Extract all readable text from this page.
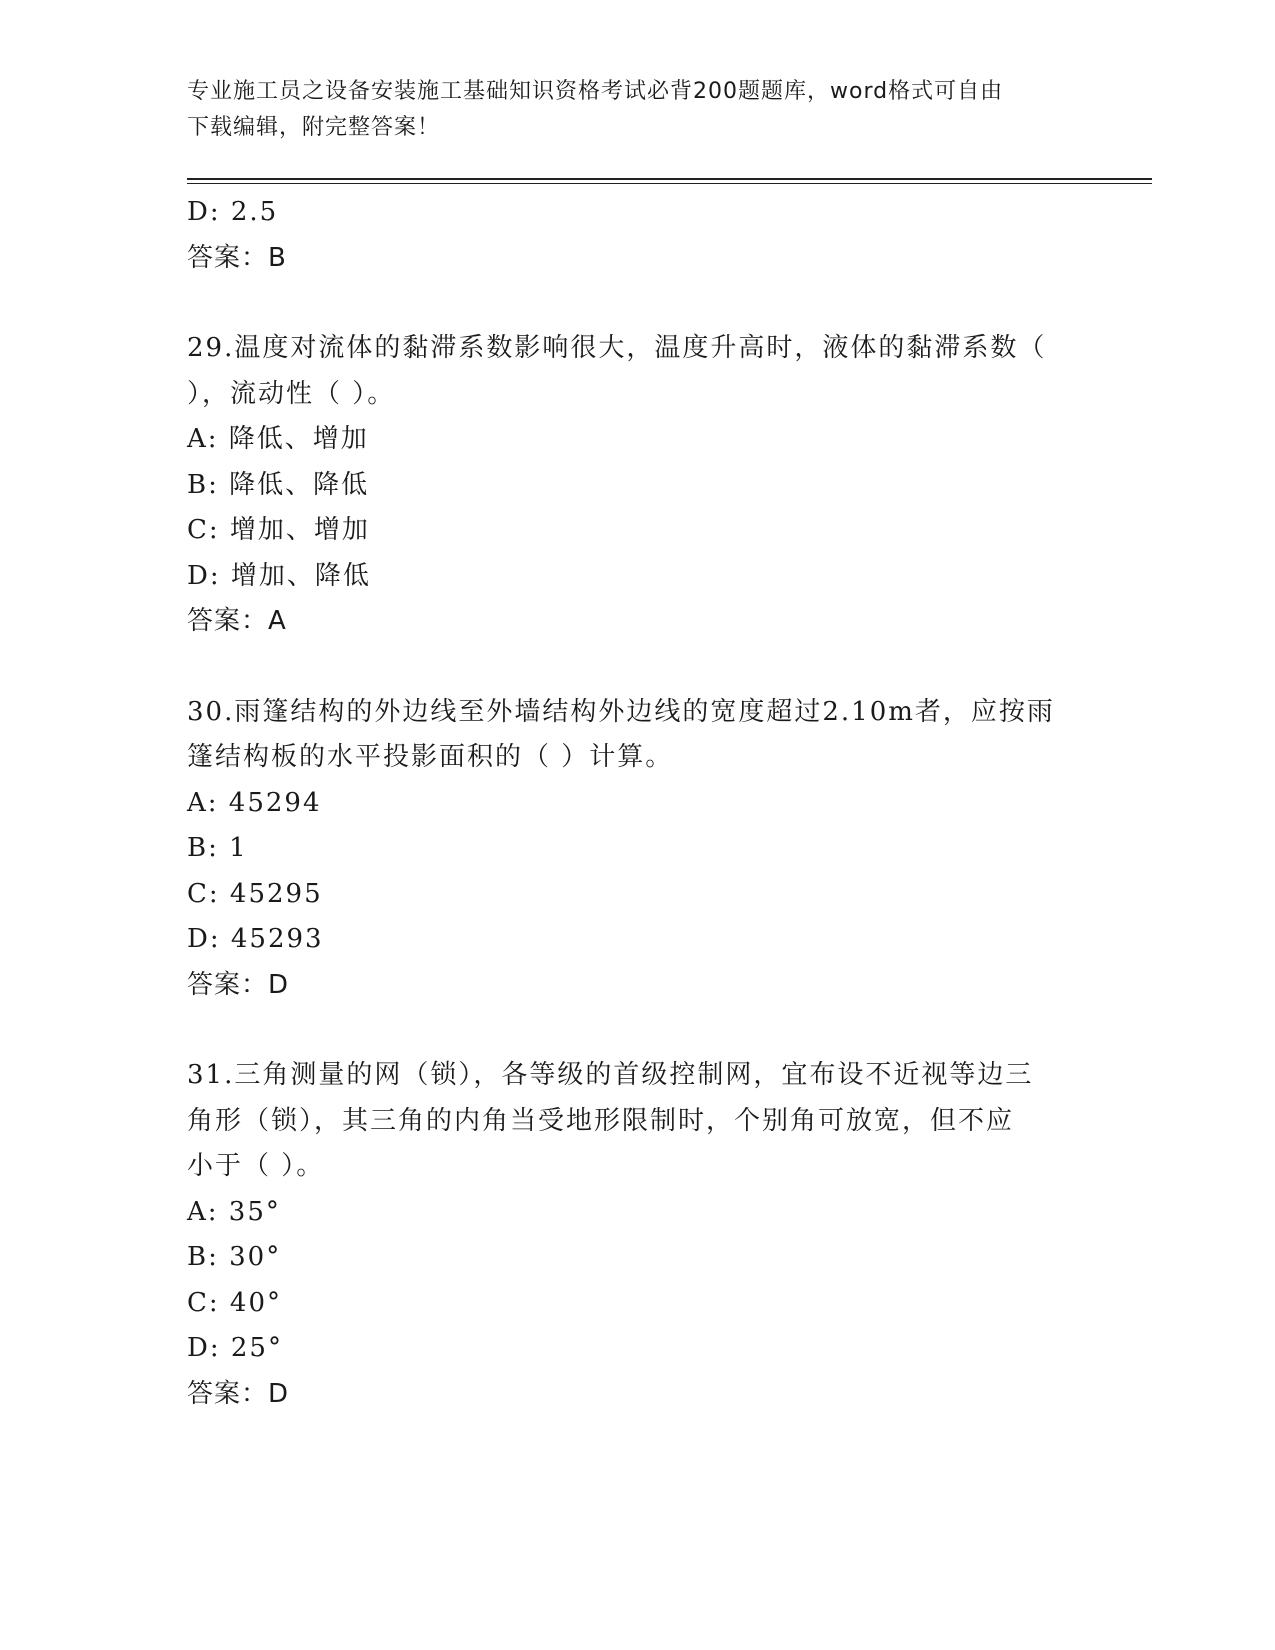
专业施工员之设备安装施工基础知识资格考试必背200题题库，word格式可自由
下载编辑，附完整答案！
D: 2.5
答案：B
29.温度对流体的黏滞系数影响很大，温度升高时，液体的黏滞系数（
），流动性（ ）。
A: 降低、增加
B: 降低、降低
C: 增加、增加
D: 增加、降低
答案：A
30.雨篷结构的外边线至外墙结构外边线的宽度超过2.10m者，应按雨
篷结构板的水平投影面积的（ ）计算。
A: 45294
B: 1
C: 45295
D: 45293
答案：D
31.三角测量的网（锁），各等级的首级控制网，宜布设不近视等边三
角形（锁），其三角的内角当受地形限制时，个别角可放宽，但不应
小于（ ）。
A: 35°
B: 30°
C: 40°
D: 25°
答案：D
